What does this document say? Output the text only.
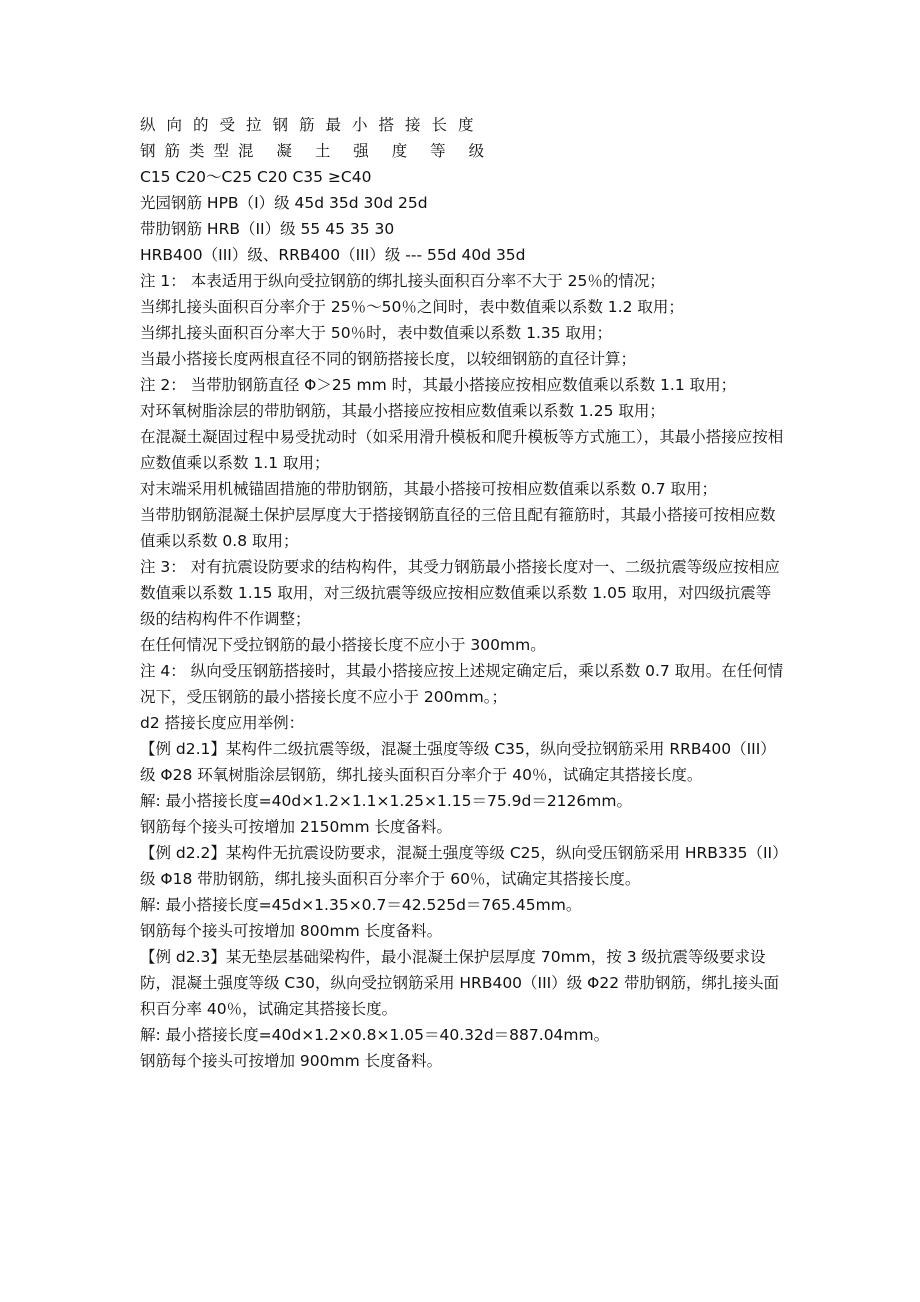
纵向的受拉钢筋最小搭接长度

钢筋类型混 凝 土 强 度 等 级

C15 C20～C25 C20 C35 ≥C40

光园钢筋 HPB（I）级 45d 35d 30d 25d

带肋钢筋 HRB（II）级 55 45 35 30

HRB400（III）级、RRB400（III）级 --- 55d 40d 35d

注 1： 本表适用于纵向受拉钢筋的绑扎接头面积百分率不大于 25％的情况；

当绑扎接头面积百分率介于 25％～50％之间时，表中数值乘以系数 1.2 取用；

当绑扎接头面积百分率大于 50％时，表中数值乘以系数 1.35 取用；

当最小搭接长度两根直径不同的钢筋搭接长度，以较细钢筋的直径计算；

注 2： 当带肋钢筋直径 Φ＞25 mm 时，其最小搭接应按相应数值乘以系数 1.1 取用；

对环氧树脂涂层的带肋钢筋，其最小搭接应按相应数值乘以系数 1.25 取用；

在混凝土凝固过程中易受扰动时（如采用滑升模板和爬升模板等方式施工），其最小搭接应按相应数值乘以系数 1.1 取用；

对末端采用机械锚固措施的带肋钢筋，其最小搭接可按相应数值乘以系数 0.7 取用；

当带肋钢筋混凝土保护层厚度大于搭接钢筋直径的三倍且配有箍筋时，其最小搭接可按相应数值乘以系数 0.8 取用；

注 3： 对有抗震设防要求的结构构件，其受力钢筋最小搭接长度对一、二级抗震等级应按相应数值乘以系数 1.15 取用，对三级抗震等级应按相应数值乘以系数 1.05 取用，对四级抗震等级的结构构件不作调整；

在任何情况下受拉钢筋的最小搭接长度不应小于 300mm。

注 4： 纵向受压钢筋搭接时，其最小搭接应按上述规定确定后，乘以系数 0.7 取用。在任何情况下，受压钢筋的最小搭接长度不应小于 200mm。；

d2 搭接长度应用举例：

【例 d2.1】某构件二级抗震等级，混凝土强度等级 C35，纵向受拉钢筋采用 RRB400（III）级 Φ28 环氧树脂涂层钢筋，绑扎接头面积百分率介于 40％，试确定其搭接长度。

解: 最小搭接长度=40d×1.2×1.1×1.25×1.15＝75.9d＝2126mm。

钢筋每个接头可按增加 2150mm 长度备料。

【例 d2.2】某构件无抗震设防要求，混凝土强度等级 C25，纵向受压钢筋采用 HRB335（II）级 Φ18 带肋钢筋，绑扎接头面积百分率介于 60％，试确定其搭接长度。

解: 最小搭接长度=45d×1.35×0.7＝42.525d＝765.45mm。

钢筋每个接头可按增加 800mm 长度备料。

【例 d2.3】某无垫层基础梁构件，最小混凝土保护层厚度 70mm，按 3 级抗震等级要求设防，混凝土强度等级 C30，纵向受拉钢筋采用 HRB400（III）级 Φ22 带肋钢筋，绑扎接头面积百分率 40％，试确定其搭接长度。

解: 最小搭接长度=40d×1.2×0.8×1.05＝40.32d＝887.04mm。

钢筋每个接头可按增加 900mm 长度备料。
